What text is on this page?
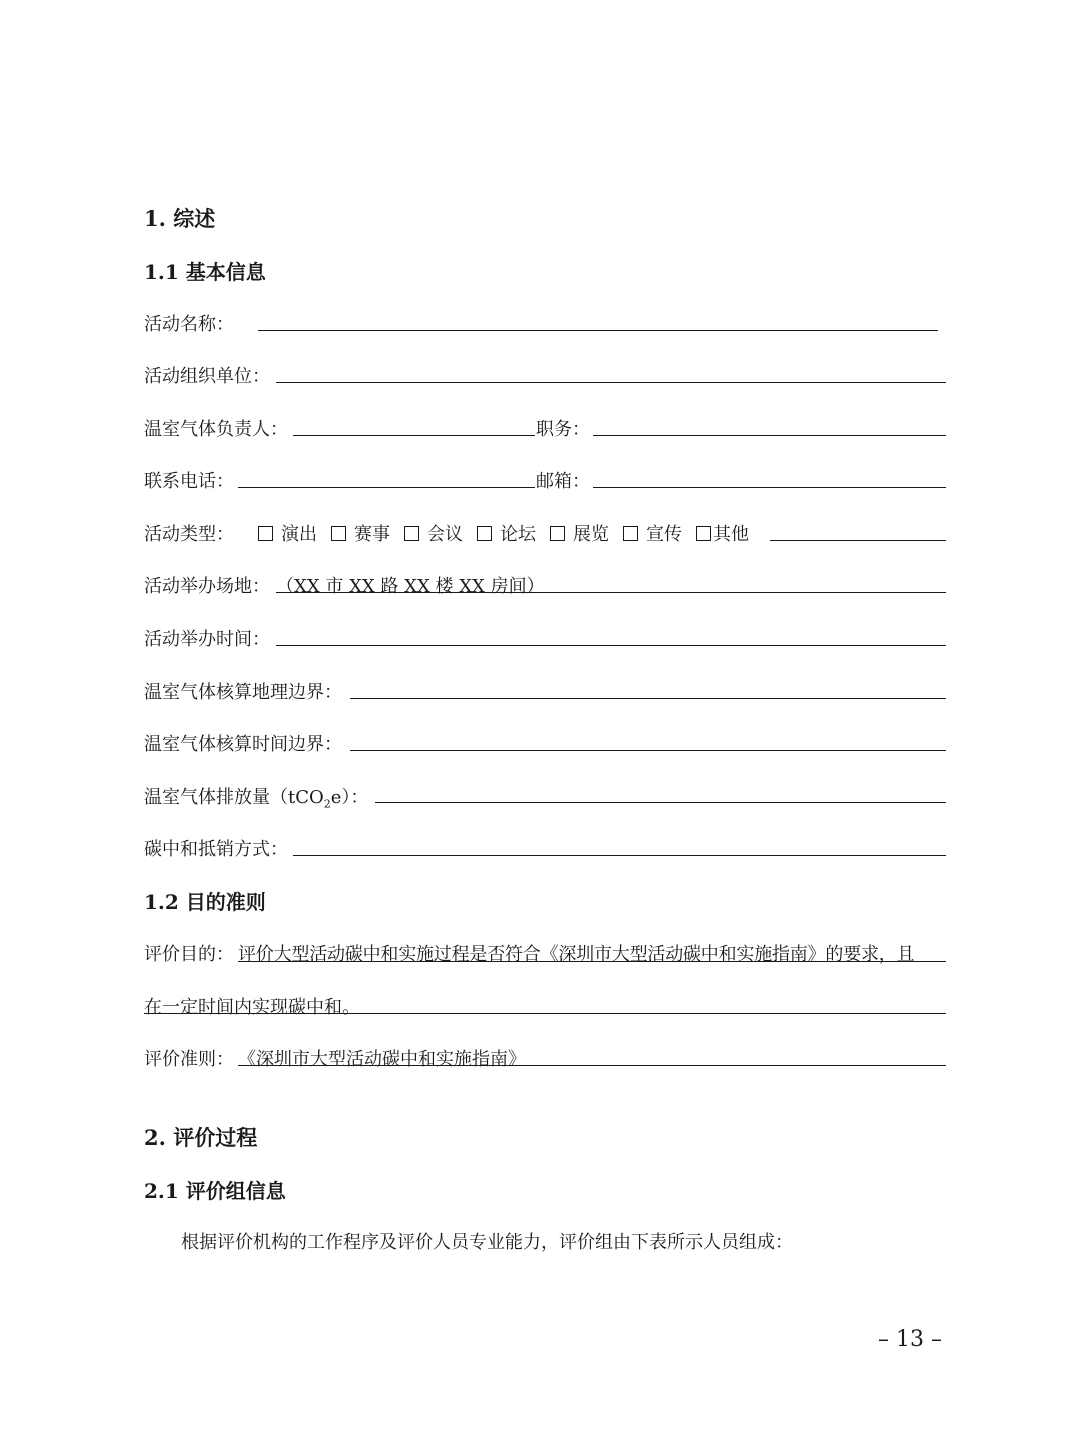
1. 综述
1.1 基本信息
活动名称：
活动组织单位：
温室气体负责人：	职务：
联系电话：	邮箱：
活动类型：	演出 赛事 会议 论坛 展览 宣传 其他
活动举办场地： （XX 市 XX 路 XX 楼 XX 房间）
活动举办时间：
温室气体核算地理边界：
温室气体核算时间边界：
温室气体排放量（tCO$_2$e）：
碳中和抵销方式：
1.2 目的准则
评价目的： 评价大型活动碳中和实施过程是否符合《深圳市大型活动碳中和实施指南》的要求，且
在一定时间内实现碳中和。
评价准则： 《深圳市大型活动碳中和实施指南》
2. 评价过程
2.1 评价组信息
根据评价机构的工作程序及评价人员专业能力，评价组由下表所示人员组成：
– 13 –
